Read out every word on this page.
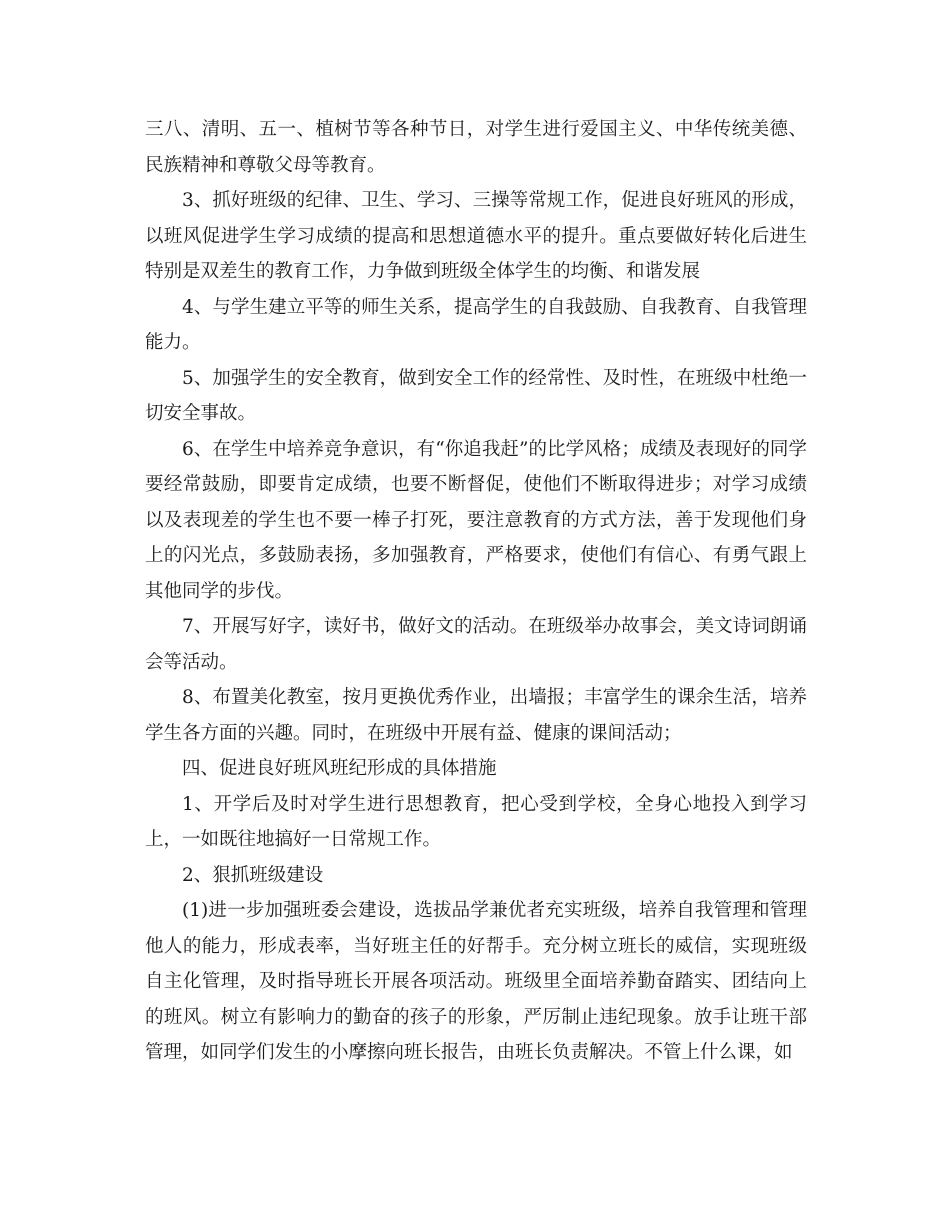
三八、清明、五一、植树节等各种节日，对学生进行爱国主义、中华传统美德、民族精神和尊敬父母等教育。

3、抓好班级的纪律、卫生、学习、三操等常规工作，促进良好班风的形成，以班风促进学生学习成绩的提高和思想道德水平的提升。重点要做好转化后进生特别是双差生的教育工作，力争做到班级全体学生的均衡、和谐发展

4、与学生建立平等的师生关系，提高学生的自我鼓励、自我教育、自我管理能力。

5、加强学生的安全教育，做到安全工作的经常性、及时性，在班级中杜绝一切安全事故。

6、在学生中培养竞争意识，有“你追我赶”的比学风格；成绩及表现好的同学要经常鼓励，即要肯定成绩，也要不断督促，使他们不断取得进步；对学习成绩以及表现差的学生也不要一棒子打死，要注意教育的方式方法，善于发现他们身上的闪光点，多鼓励表扬，多加强教育，严格要求，使他们有信心、有勇气跟上其他同学的步伐。

7、开展写好字，读好书，做好文的活动。在班级举办故事会，美文诗词朗诵会等活动。

8、布置美化教室，按月更换优秀作业，出墙报；丰富学生的课余生活，培养学生各方面的兴趣。同时，在班级中开展有益、健康的课间活动；

四、促进良好班风班纪形成的具体措施

1、开学后及时对学生进行思想教育，把心受到学校，全身心地投入到学习上，一如既往地搞好一日常规工作。

2、狠抓班级建设

(1)进一步加强班委会建设，选拔品学兼优者充实班级，培养自我管理和管理他人的能力，形成表率，当好班主任的好帮手。充分树立班长的威信，实现班级自主化管理，及时指导班长开展各项活动。班级里全面培养勤奋踏实、团结向上的班风。树立有影响力的勤奋的孩子的形象，严厉制止违纪现象。放手让班干部管理，如同学们发生的小摩擦向班长报告，由班长负责解决。不管上什么课，如
